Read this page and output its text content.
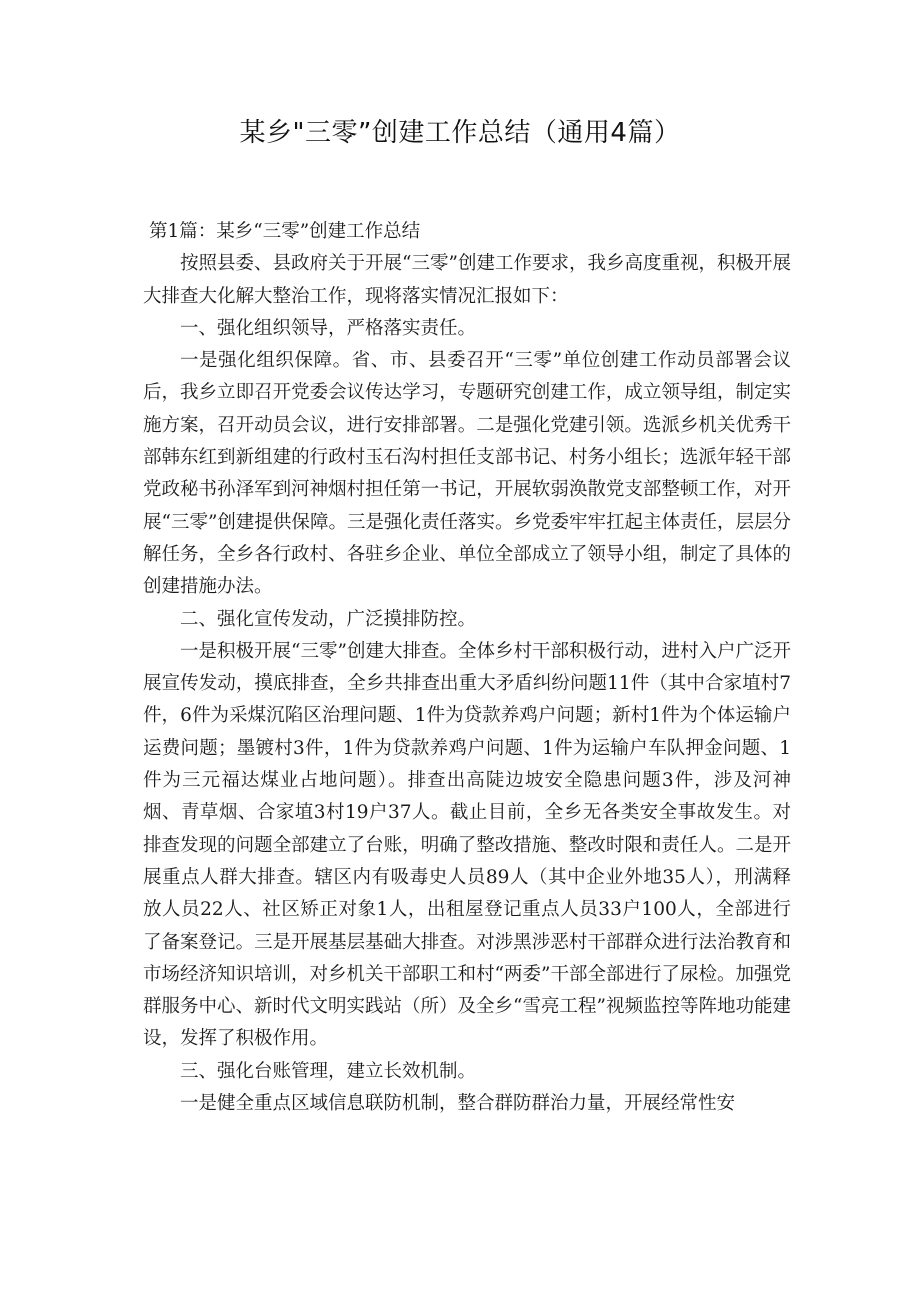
某乡"三零”创建工作总结（通用4篇）

第1篇：某乡“三零”创建工作总结

按照县委、县政府关于开展“三零”创建工作要求，我乡高度重视，积极开展大排查大化解大整治工作，现将落实情况汇报如下：

一、强化组织领导，严格落实责任。

一是强化组织保障。省、市、县委召开“三零”单位创建工作动员部署会议后，我乡立即召开党委会议传达学习，专题研究创建工作，成立领导组，制定实施方案，召开动员会议，进行安排部署。二是强化党建引领。选派乡机关优秀干部韩东红到新组建的行政村玉石沟村担任支部书记、村务小组长；选派年轻干部党政秘书孙泽军到河神烟村担任第一书记，开展软弱涣散党支部整顿工作，对开展“三零”创建提供保障。三是强化责任落实。乡党委牢牢扛起主体责任，层层分解任务，全乡各行政村、各驻乡企业、单位全部成立了领导小组，制定了具体的创建措施办法。

二、强化宣传发动，广泛摸排防控。

一是积极开展“三零”创建大排查。全体乡村干部积极行动，进村入户广泛开展宣传发动，摸底排查，全乡共排查出重大矛盾纠纷问题11件（其中合家埴村7件，6件为采煤沉陷区治理问题、1件为贷款养鸡户问题；新村1件为个体运输户运费问题；墨镀村3件，1件为贷款养鸡户问题、1件为运输户车队押金问题、1件为三元福达煤业占地问题）。排查出高陡边坡安全隐患问题3件，涉及河神烟、青草烟、合家埴3村19户37人。截止目前，全乡无各类安全事故发生。对排查发现的问题全部建立了台账，明确了整改措施、整改时限和责任人。二是开展重点人群大排查。辖区内有吸毒史人员89人（其中企业外地35人），刑满释放人员22人、社区矫正对象1人，出租屋登记重点人员33户100人，全部进行了备案登记。三是开展基层基础大排查。对涉黑涉恶村干部群众进行法治教育和市场经济知识培训，对乡机关干部职工和村“两委”干部全部进行了尿检。加强党群服务中心、新时代文明实践站（所）及全乡“雪亮工程”视频监控等阵地功能建设，发挥了积极作用。

三、强化台账管理，建立长效机制。

一是健全重点区域信息联防机制，整合群防群治力量，开展经常性安
